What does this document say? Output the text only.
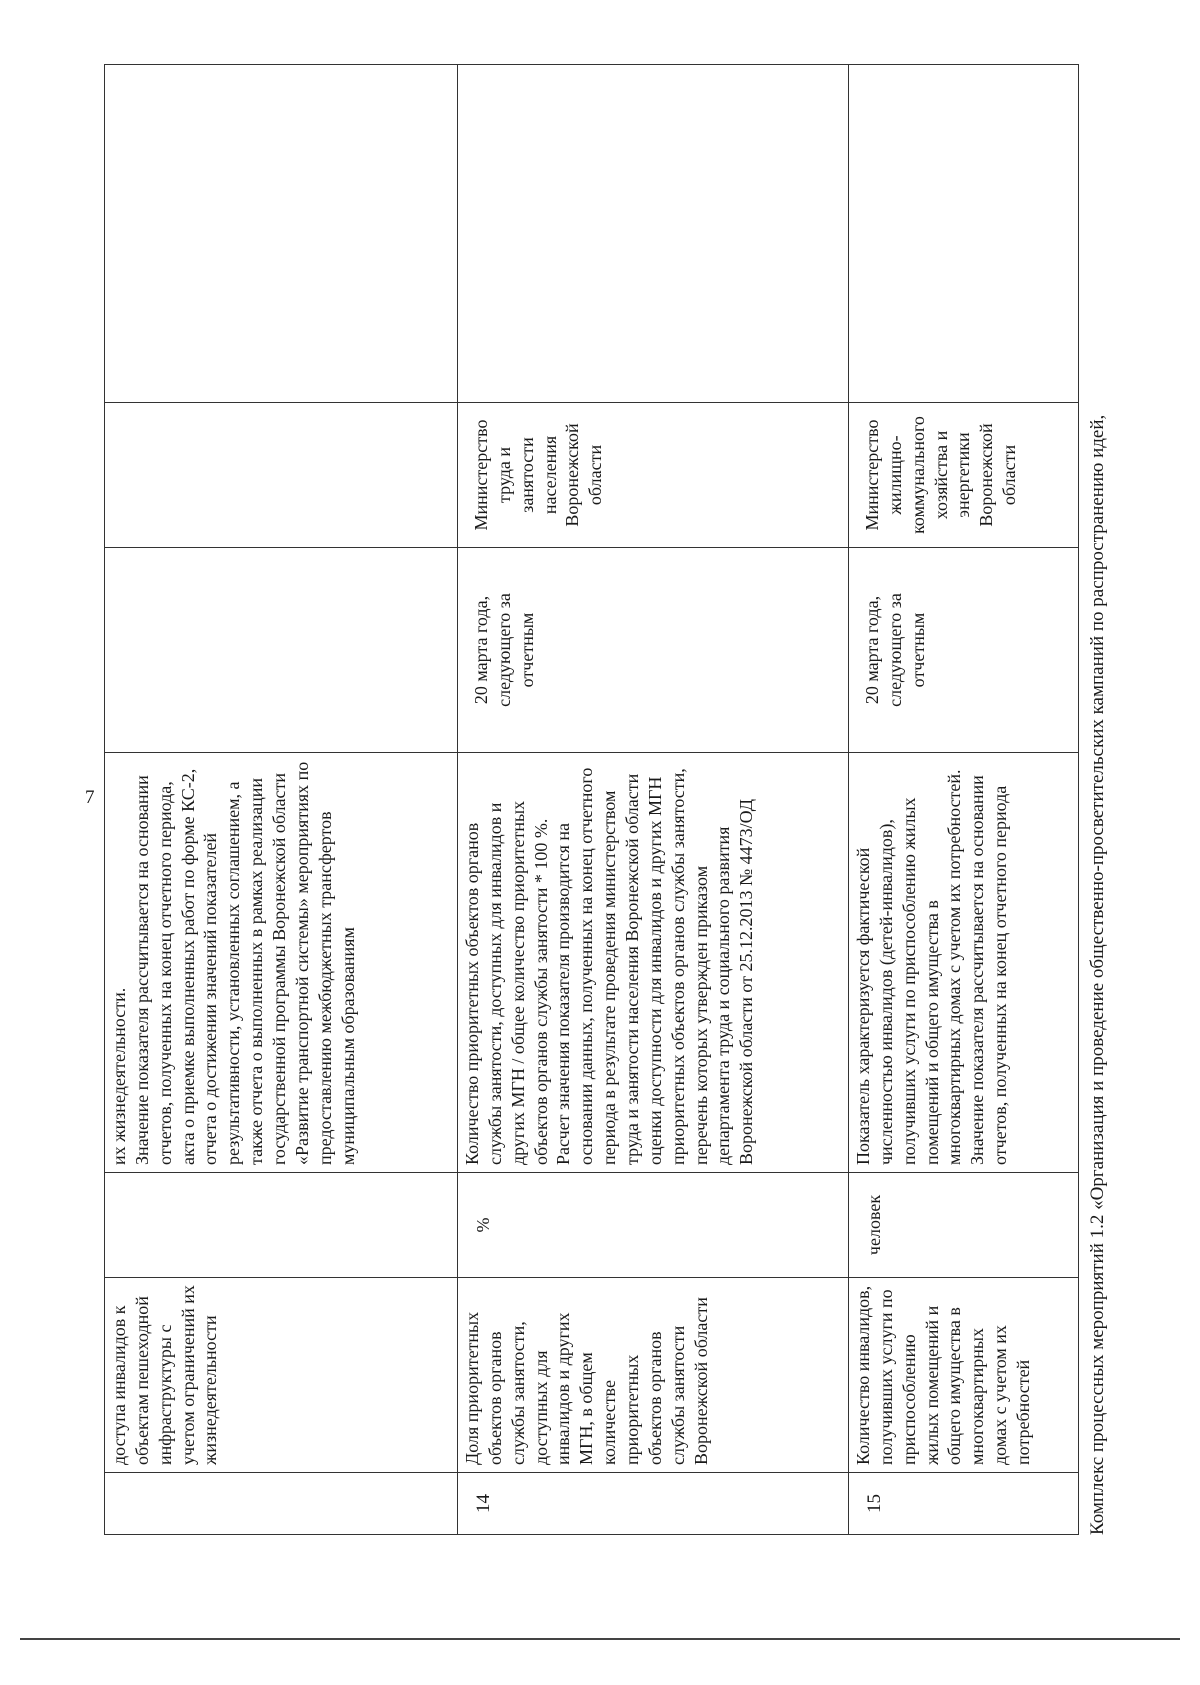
7
	доступа инвалидов к объектам пешеходной инфраструктуры с учетом ограничений их жизнедеятельности		их жизнедеятельности. Значение показателя рассчитывается на основании отчетов, полученных на конец отчетного периода, акта о приемке выполненных работ по форме КС-2, отчета о достижении значений показателей результативности, установленных соглашением, а также отчета о выполненных в рамках реализации государственной программы Воронежской области «Развитие транспортной системы» мероприятиях по предоставлению межбюджетных трансфертов муниципальным образованиям			

14	Доля приоритетных объектов органов службы занятости, доступных для инвалидов и других МГН, в общем количестве приоритетных объектов органов службы занятости Воронежской области	%	Количество приоритетных объектов органов службы занятости, доступных для инвалидов и других МГН / общее количество приоритетных объектов органов службы занятости * 100 %. Расчет значения показателя производится на основании данных, полученных на конец отчетного периода в результате проведения министерством труда и занятости населения Воронежской области оценки доступности для инвалидов и других МГН приоритетных объектов органов службы занятости, перечень которых утвержден приказом департамента труда и социального развития Воронежской области от 25.12.2013 № 4473/ОД	20 марта года, следующего за отчетным	Министерство труда и занятости населения Воронежской области	
15	Количество инвалидов, получивших услуги по приспособлению жилых помещений и общего имущества в многоквартирных домах с учетом их потребностей	человек	Показатель характеризуется фактической численностью инвалидов (детей-инвалидов), получивших услуги по приспособлению жилых помещений и общего имущества в многоквартирных домах с учетом их потребностей. Значение показателя рассчитывается на основании отчетов, полученных на конец отчетного периода	20 марта года, следующего за отчетным	Министерство жилищно-коммунального хозяйства и энергетики Воронежской области		Комплекс процессных мероприятий 1.2 «Организация и проведение общественно-просветительских кампаний по распространению идей,
